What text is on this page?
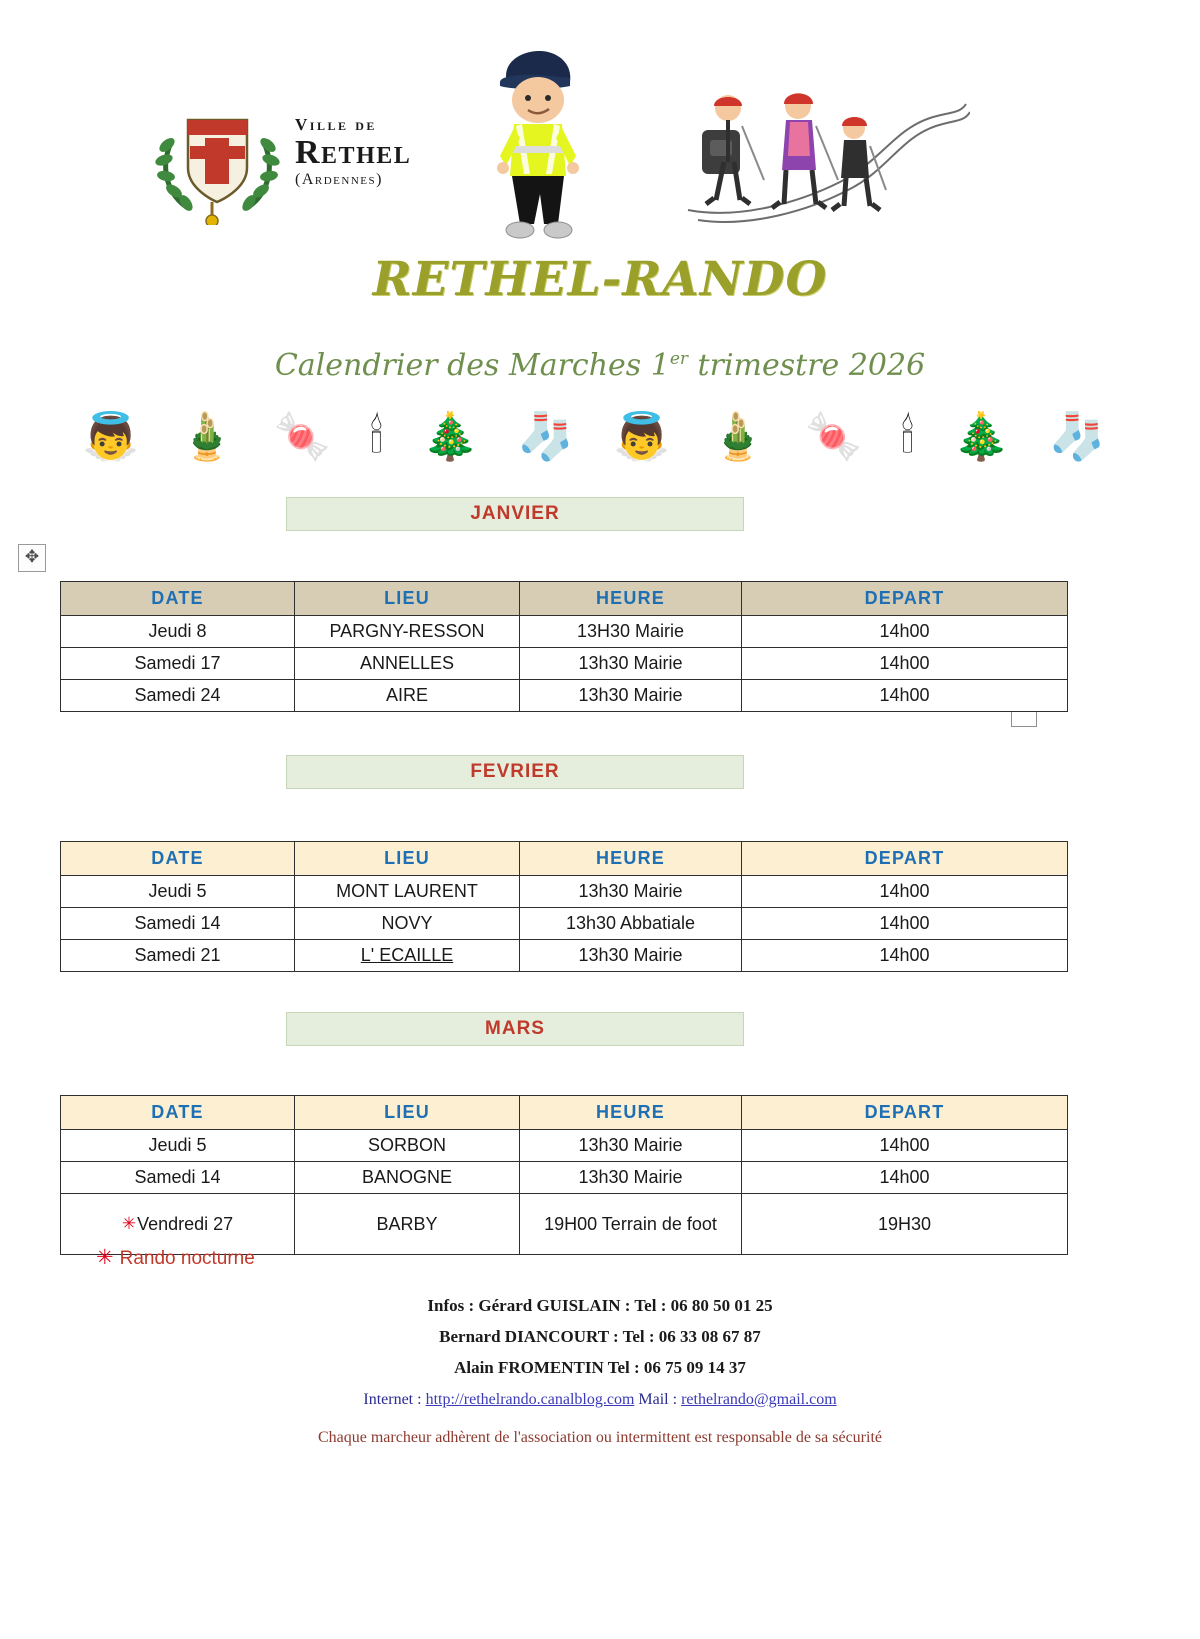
Ville de
Rethel
(Ardennes)
RETHEL-RANDO
Calendrier des Marches 1er trimestre 2026
👼 🎍 🍬 🕯 🎄 🧦 👼 🎍 🍬 🕯 🎄 🧦
✥
JANVIER
DATE	LIEU	HEURE	DEPART
Jeudi 8	PARGNY-RESSON	13H30 Mairie	14h00
Samedi 17	ANNELLES	13h30 Mairie	14h00
Samedi 24	AIRE	13h30 Mairie	14h00
FEVRIER
DATE	LIEU	HEURE	DEPART
Jeudi 5	MONT LAURENT	13h30 Mairie	14h00
Samedi 14	NOVY	13h30 Abbatiale	14h00
Samedi 21	L' ECAILLE	13h30 Mairie	14h00
MARS
DATE	LIEU	HEURE	DEPART
Jeudi 5	SORBON	13h30 Mairie	14h00
Samedi 14	BANOGNE	13h30 Mairie	14h00
✳Vendredi 27	BARBY	19H00 Terrain de foot	19H30
✳ Rando nocturne
Infos : Gérard GUISLAIN : Tel : 06 80 50 01 25
Bernard DIANCOURT : Tel : 06 33 08 67 87
Alain FROMENTIN Tel : 06 75 09 14 37
Internet : http://rethelrando.canalblog.com Mail : rethelrando@gmail.com
Chaque marcheur adhèrent de l'association ou intermittent est responsable de sa sécurité
